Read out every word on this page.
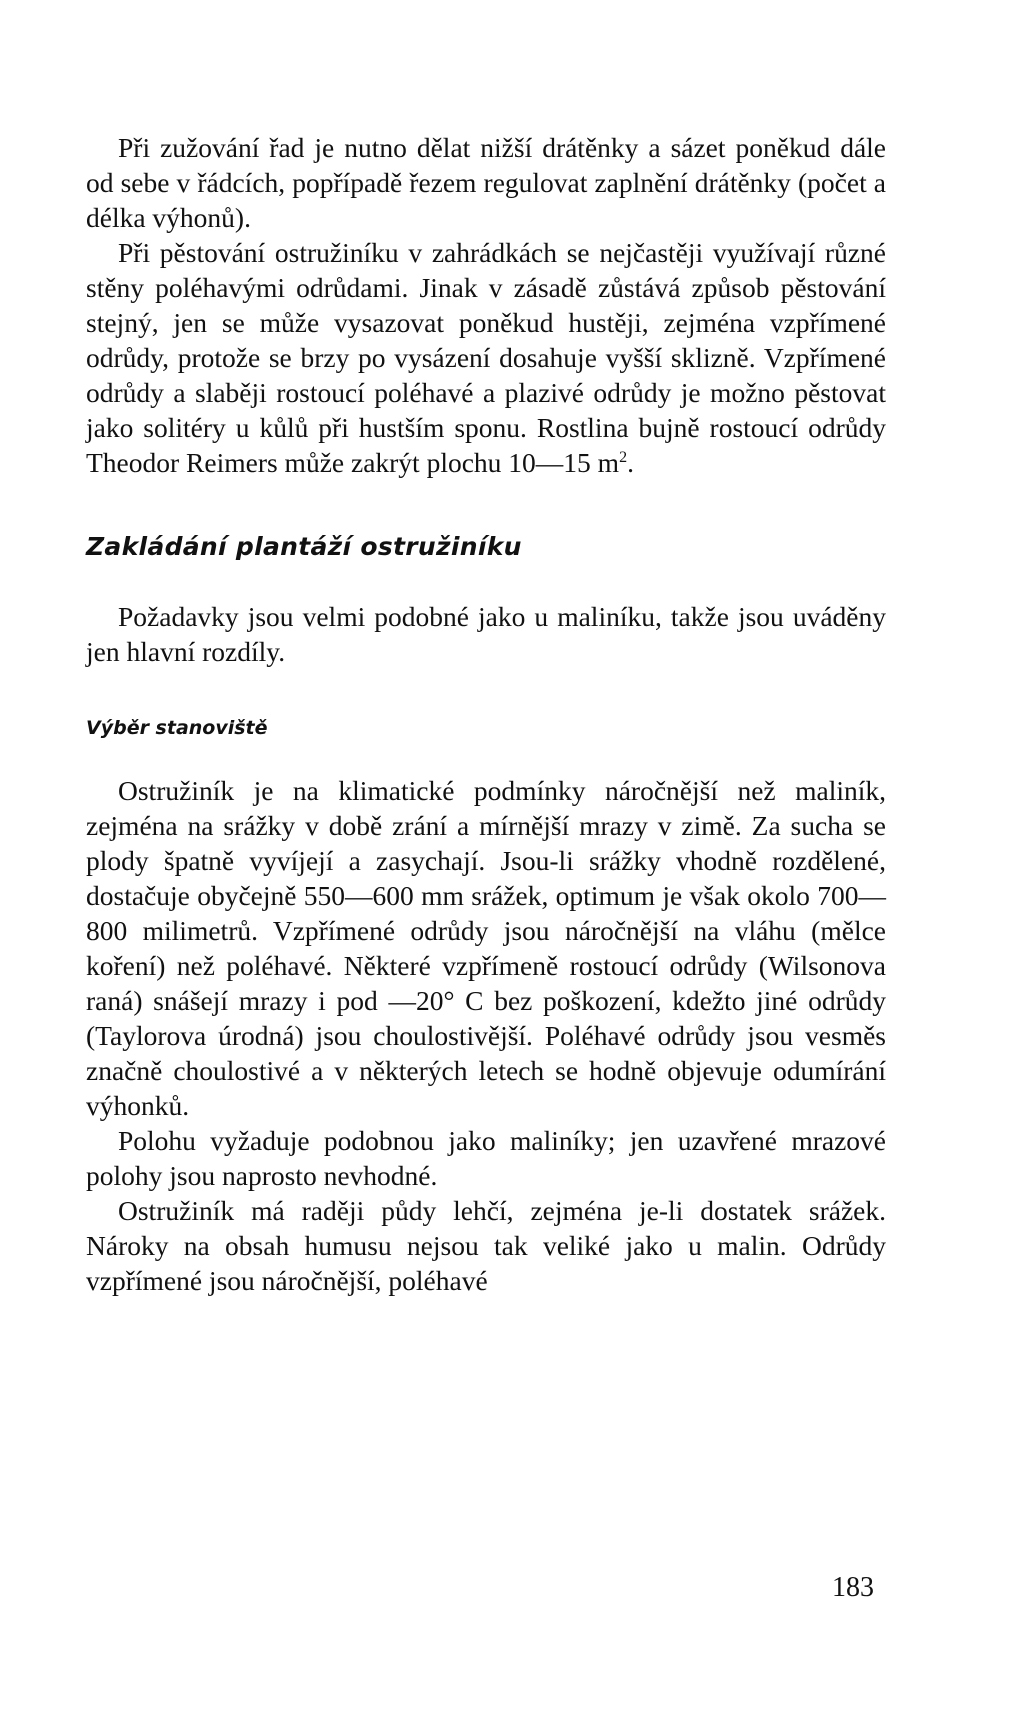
Při zužování řad je nutno dělat nižší drátěnky a sázet poněkud dále od sebe v řádcích, popřípadě řezem regulovat zaplnění drátěnky (počet a délka výhonů).

Při pěstování ostružiníku v zahrádkách se nejčastěji využívají různé stěny poléhavými odrůdami. Jinak v zásadě zůstává způsob pěstování stejný, jen se může vysazovat poněkud hustěji, zejména vzpřímené odrůdy, protože se brzy po vysázení dosahuje vyšší sklizně. Vzpřímené odrůdy a slaběji rostoucí poléhavé a plazivé odrůdy je možno pěstovat jako solitéry u kůlů při hustším sponu. Rostlina bujně rostoucí odrůdy Theodor Reimers může zakrýt plochu 10—15 $m^2$.

Zakládání plantáží ostružiníku

Požadavky jsou velmi podobné jako u maliníku, takže jsou uváděny jen hlavní rozdíly.

Výběr stanoviště

Ostružiník je na klimatické podmínky náročnější než maliník, zejména na srážky v době zrání a mírnější mrazy v zimě. Za sucha se plody špatně vyvíjejí a zasychají. Jsou-li srážky vhodně rozdělené, dostačuje obyčejně 550—600 mm srážek, optimum je však okolo 700—800 milimetrů. Vzpřímené odrůdy jsou náročnější na vláhu (mělce koření) než poléhavé. Některé vzpřímeně rostoucí odrůdy (Wilsonova raná) snášejí mrazy i pod —20° C bez poškození, kdežto jiné odrůdy (Taylorova úrodná) jsou choulostivější. Poléhavé odrůdy jsou vesměs značně choulostivé a v některých letech se hodně objevuje odumírání výhonků.

Polohu vyžaduje podobnou jako maliníky; jen uzavřené mrazové polohy jsou naprosto nevhodné.

Ostružiník má raději půdy lehčí, zejména je-li dostatek srážek. Nároky na obsah humusu nejsou tak veliké jako u malin. Odrůdy vzpřímené jsou náročnější, poléhavé

183
